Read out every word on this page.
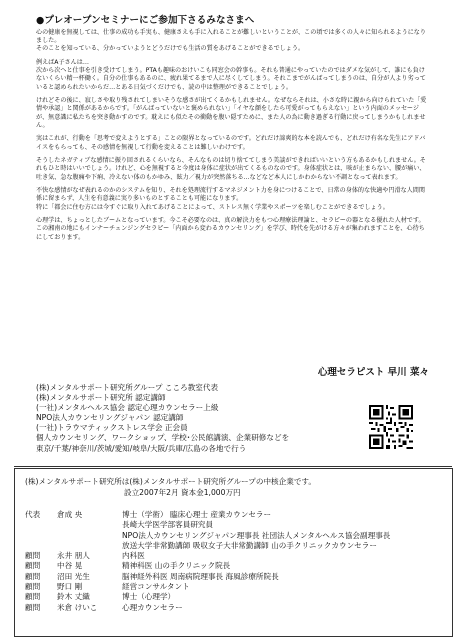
●プレオープンセミナーにご参加下さるみなさまへ

心の健康を無視しては、仕事の成功も手実も、健康さえも手に入れることが難しいということが、この頃では多くの人々に知られるようになりました。
そのことを知っている、分かっていようとどうだけでも生活の質をあげることができるでしょう。

例えばA子さんは…
次から次へと仕事を引き受けてしまう。PTAも趣味のおけいこも同窓会の幹事も。それも普通にやっていたのではダメな気がして、誰にも負けないくらい精一杯働く。自分の仕事もあるのに、疲れ果てるまで人に尽くしてしまう。それこまでがんばってしまうのは、自分が人より劣っていると認められたいからだ…とある日気づくだけでも、読の中は整理ができることでしょう。

けれどその後に、寂しさや取り残されてしまいそうな感さが出てくるかもしれません。なぜならそれは、小さな時に親から向けられていた「愛情や承認」と関係があるからです。「がんばっていないと褒められない」「イヤな顔をしたら可愛がってもらえない」という内面のメッセージが、無意識に私たちを突き動かすのです。耽えにも似たその衝動を腹い隠すために、また人の為に動き過ぎる行動に戻ってしまうかもしれません。

実はこれが、行動を「思考で変えようとする」ことの限界となっているのです。どれだけ諦爽的な本を読んでも、どれだけ有名な先生にアドバイスをもらっても、その感情を無視して行動を変えることは難しいわけです。

そうしたネガティブな感情に振り回されるくらいなら、そんなものは切り捨ててしまう美談ができればいいという方もあるかもしれません。それもひと時はいいでしょう。けれど、心を無視すると今度は身体に症状が出てくるものなのです。身体症状とは、咳が止まらない、腰が痛い、吐き気、急な腹痛や下痢、冷えない体のもかゆみ、眩力／視力が突然落ちる…などなど本人にしかわからない不調となって表れます。

不快な感情がなぜ表れるのかのシステムを知り、それを処理流行するマネジメント力を身につけることで、日常の身体的な快適や円滑な人間関係に留まらず、人生を有意義に実り多いものとすることも可能になります。
特に「都会に住む方には今すぐに取り入れてあげることによって、ストレス無く学業やスポーツを楽しむことができるでしょう。

心理学は、ちょっとしたブームとなっています。今こそ必要なのは、真の解決力をもつ心理療法理論と、セラピーの器となる優れた人材です。この湘南の地にもインナーチェンジングセラピー「内面から変わるカウンセリング」を学び、時代を先がける方々が集われますことを、心待ちにしております。

心理セラピスト 早川 菜々
(株)メンタルサポート研究所グループ こころ教室代表
(株)メンタルサポート研究所 認定講師
(一社)メンタルヘルス協会 認定心理カウンセラー上級
NPO法人カウンセリングジャパン 認定講師
(一社)トラウマティックストレス学会 正会員
個人カウンセリング、ワークショップ、学校･公民館講演、企業研修などを
東京/千葉/神奈川/茨城/愛知/岐阜/大阪/兵庫/広島の各地で行う
(株)メンタルサポート研究所は(株)メンタルサポート研究所グループの中核企業です。
設立2007年2月 資本金1,000万円
代表	倉成 央	博士（学術） 臨床心理士 産業カウンセラー
長崎大学医学部客員研究員
NPO法人カウンセリングジャパン理事長 社団法人メンタルヘルス協会副理事長
放送大学非常勤講師 吸収女子大非常勤講師 山の手クリニックカウンセラー
顧問	永井 朋人	内科医
顧問	中谷 晃	精神科医 山の手クリニック院長
顧問	沼田 光生	脳神経外科医 周南病院理事長 海風診療所院長
顧問	野口 剛	経営コンサルタント
顧問	鈴木 丈織	博士（心理学）
顧問	米倉 けいこ	心理カウンセラー
